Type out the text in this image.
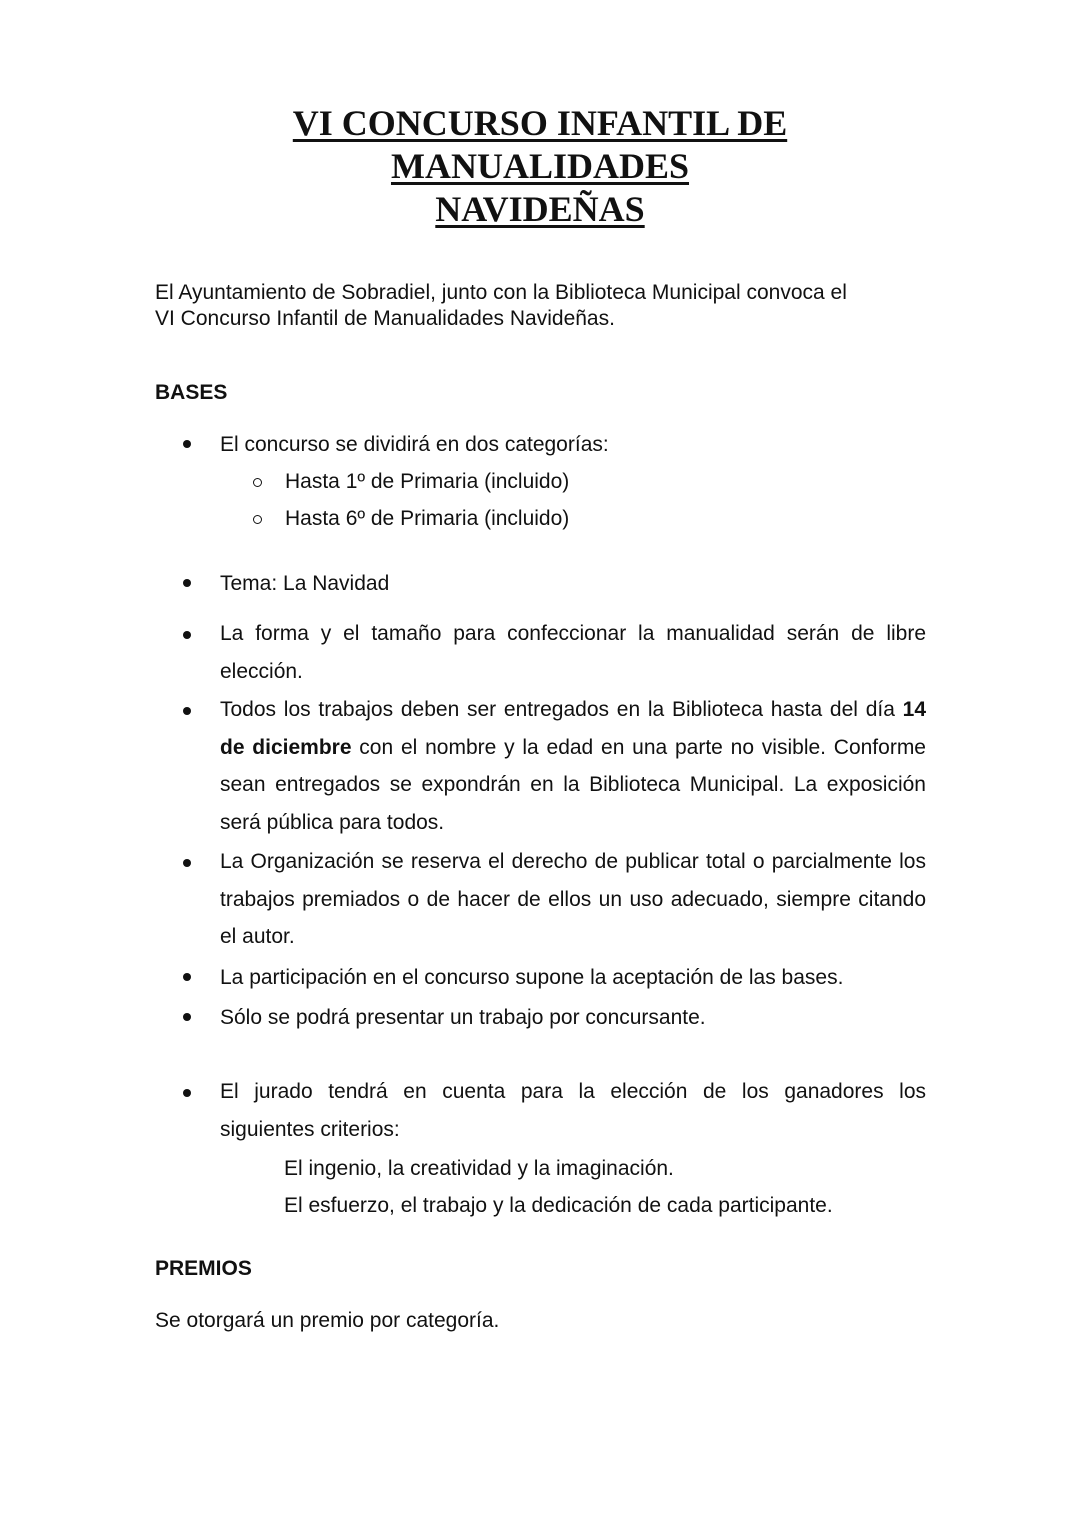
VI CONCURSO INFANTIL DE
MANUALIDADES
NAVIDEÑAS
El Ayuntamiento de Sobradiel, junto con la Biblioteca Municipal convoca el
VI Concurso Infantil de Manualidades Navideñas.
BASES
El concurso se dividirá en dos categorías:
Hasta 1º de Primaria (incluido)
Hasta 6º de Primaria (incluido)
Tema: La Navidad
La forma y el tamaño para confeccionar la manualidad serán de libre
elección.
Todos los trabajos deben ser entregados en la Biblioteca hasta del día 14
de diciembre con el nombre y la edad en una parte no visible. Conforme
sean entregados se expondrán en la Biblioteca Municipal. La exposición
será pública para todos.
La Organización se reserva el derecho de publicar total o parcialmente los
trabajos premiados o de hacer de ellos un uso adecuado, siempre citando
el autor.
La participación en el concurso supone la aceptación de las bases.
Sólo se podrá presentar un trabajo por concursante.
El jurado tendrá en cuenta para la elección de los ganadores los
siguientes criterios:
El ingenio, la creatividad y la imaginación.
El esfuerzo, el trabajo y la dedicación de cada participante.
PREMIOS
Se otorgará un premio por categoría.
